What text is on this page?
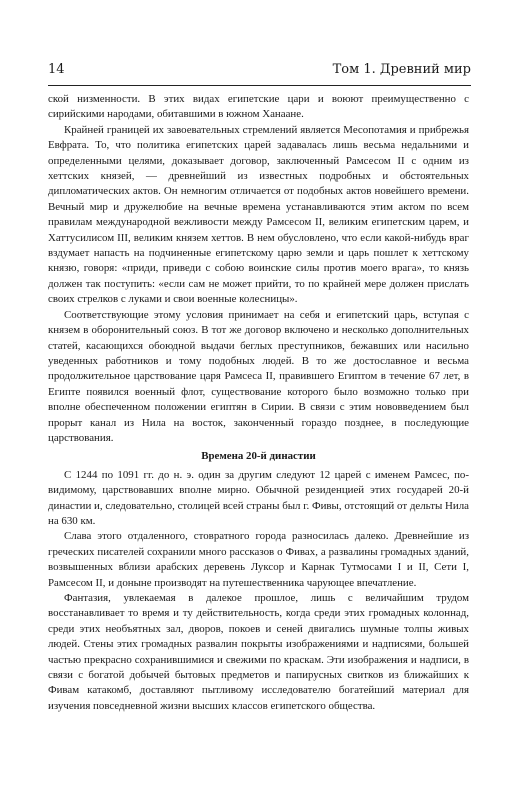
14	Том 1. Древний мир

ской низменности. В этих видах египетские цари и воюют преимущественно с сирийскими народами, обитавшими в южном Ханаане.

Крайней границей их завоевательных стремлений является Месопотамия и прибрежья Евфрата. То, что политика египетских царей задавалась лишь весьма недальними и определенными целями, доказывает договор, заключенный Рамсесом II с одним из хеттских князей, — древнейший из известных подробных и обстоятельных дипломатических актов. Он немногим отличается от подобных актов новейшего времени. Вечный мир и дружелюбие на вечные времена устанавливаются этим актом по всем правилам международной вежливости между Рамсесом II, великим египетским царем, и Хаттусилисом III, великим князем хеттов. В нем обусловлено, что если какой-нибудь враг вздумает напасть на подчиненные египетскому царю земли и царь пошлет к хеттскому князю, говоря: «приди, приведи с собою воинские силы против моего врага», то князь должен так поступить: «если сам не может прийти, то по крайней мере должен прислать своих стрелков с луками и свои военные колесницы».

Соответствующие этому условия принимает на себя и египетский царь, вступая с князем в оборонительный союз. В тот же договор включено и несколько дополнительных статей, касающихся обоюдной выдачи беглых преступников, бежавших или насильно уведенных работников и тому подобных людей. В то же достославное и весьма продолжительное царствование царя Рамсеса II, правившего Египтом в течение 67 лет, в Египте появился военный флот, существование которого было возможно только при вполне обеспеченном положении египтян в Сирии. В связи с этим нововведением был прорыт канал из Нила на восток, законченный гораздо позднее, в последующие царствования.

Времена 20-й династии

С 1244 по 1091 гг. до н. э. один за другим следуют 12 царей с именем Рамсес, по-видимому, царствовавших вполне мирно. Обычной резиденцией этих государей 20-й династии и, следовательно, столицей всей страны был г. Фивы, отстоящий от дельты Нила на 630 км.

Слава этого отдаленного, стовратного города разносилась далеко. Древнейшие из греческих писателей сохранили много рассказов о Фивах, а развалины громадных зданий, возвышенных вблизи арабских деревень Луксор и Карнак Тутмосами I и II, Сети I, Рамсесом II, и доныне производят на путешественника чарующее впечатление.

Фантазия, увлекаемая в далекое прошлое, лишь с величайшим трудом восстанавливает то время и ту действительность, когда среди этих громадных колоннад, среди этих необъятных зал, дворов, покоев и сеней двигались шумные толпы живых людей. Стены этих громадных развалин покрыты изображениями и надписями, большей частью прекрасно сохранившимися и свежими по краскам. Эти изображения и надписи, в связи с богатой добычей бытовых предметов и папирусных свитков из ближайших к Фивам катакомб, доставляют пытливому исследователю богатейший материал для изучения повседневной жизни высших классов египетского общества.
